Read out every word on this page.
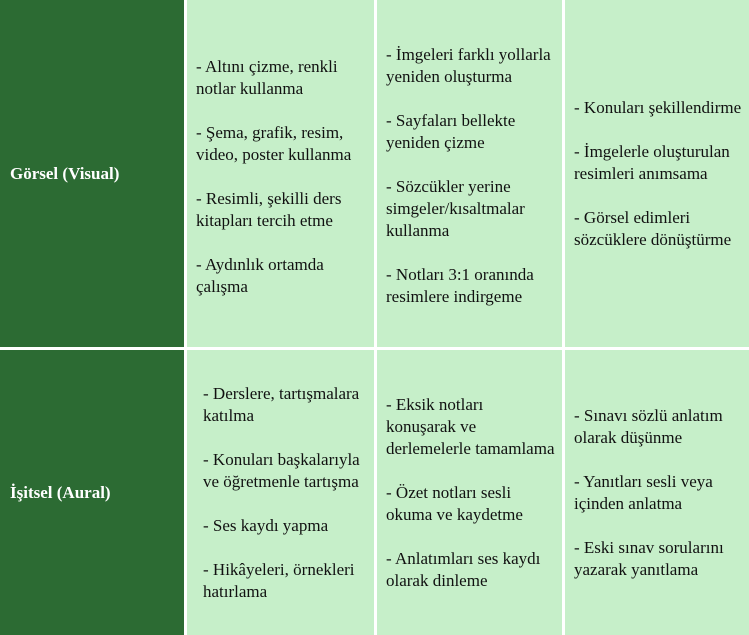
Görsel (Visual)
- Altını çizme, renkli notlar kullanma
- Şema, grafik, resim, video, poster kullanma
- Resimli, şekilli ders kitapları tercih etme
- Aydınlık ortamda çalışma
- İmgeleri farklı yollarla yeniden oluşturma
- Sayfaları bellekte yeniden çizme
- Sözcükler yerine simgeler/kısaltmalar kullanma
- Notları 3:1 oranında resimlere indirgeme
- Konuları şekillendirme
- İmgelerle oluşturulan resimleri anımsama
- Görsel edimleri sözcüklere dönüştürme
İşitsel (Aural)
- Derslere, tartışmalara katılma
- Konuları başkalarıyla ve öğretmenle tartışma
- Ses kaydı yapma
- Hikâyeleri, örnekleri hatırlama
- Eksik notları konuşarak ve derlemelerle tamamlama
- Özet notları sesli okuma ve kaydetme
- Anlatımları ses kaydı olarak dinleme
- Sınavı sözlü anlatım olarak düşünme
- Yanıtları sesli veya içinden anlatma
- Eski sınav sorularını yazarak yanıtlama
